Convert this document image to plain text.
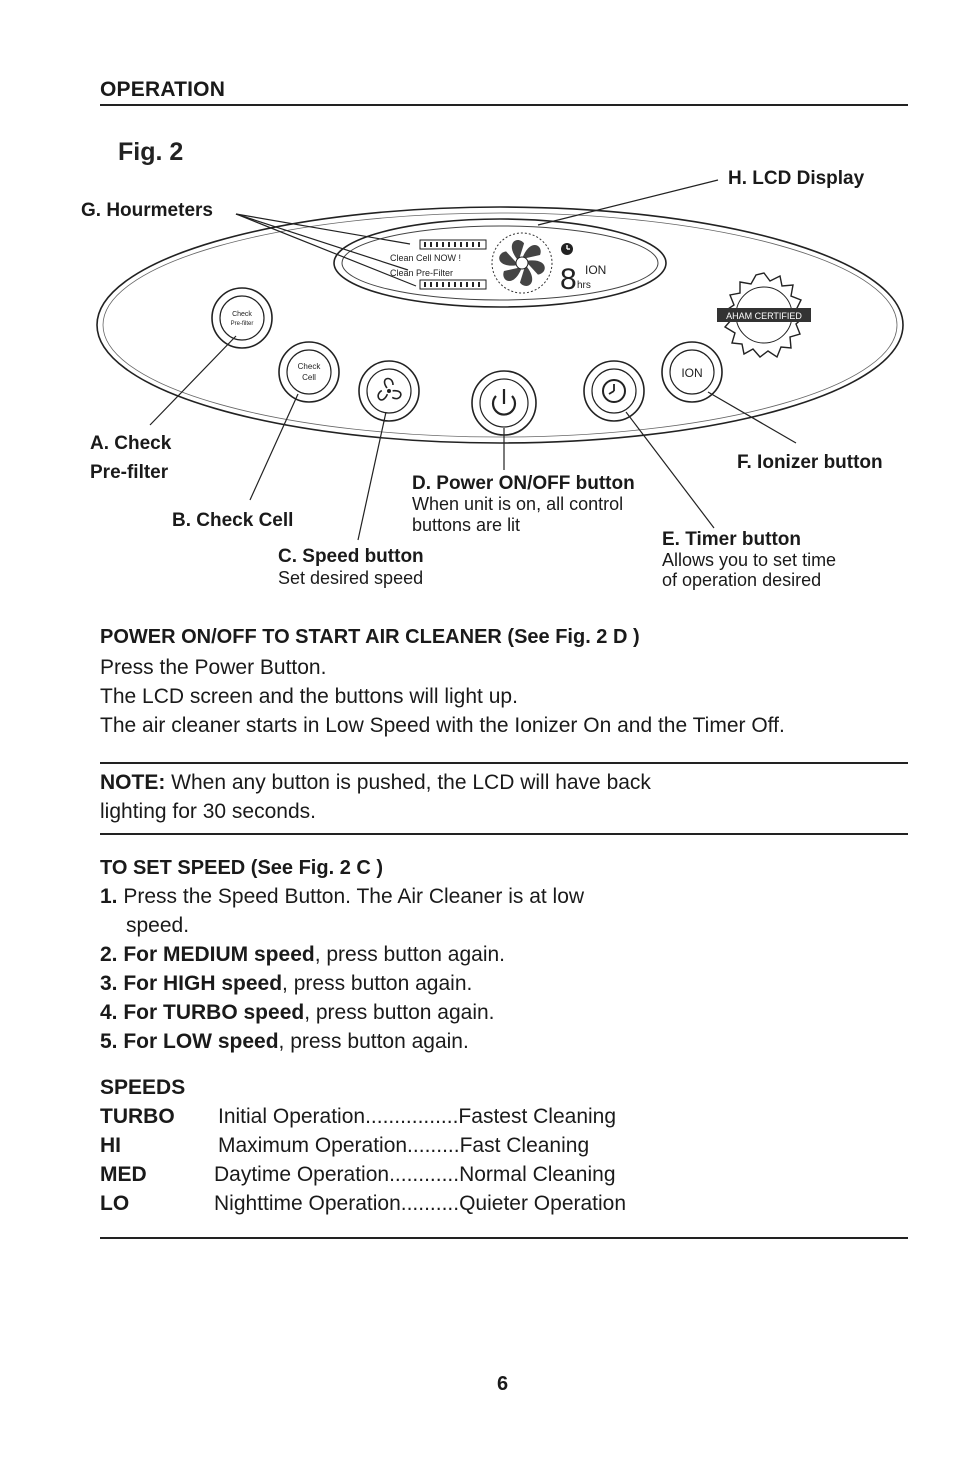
OPERATION
Fig. 2
Clean Cell NOW !
Clean Pre-Filter	8 ION
hrs
Check
Pre-filter
Check
Cell	ION
AHAM CERTIFIED
G. Hourmeters
H. LCD Display
A. Check
Pre-filter
B. Check Cell
C. Speed button
Set desired speed
D. Power ON/OFF button
When unit is on, all control
buttons are lit
E. Timer button
Allows you to set time
of operation desired
F. Ionizer button
POWER ON/OFF TO START AIR CLEANER (See Fig. 2 D )
Press the Power Button.
The LCD screen and the buttons will light up.
The air cleaner starts in Low Speed with the Ionizer On and the Timer Off.
NOTE: When any button is pushed, the LCD will have back
lighting for 30 seconds.
TO SET SPEED (See Fig. 2 C )
1. Press the Speed Button. The Air Cleaner is at low
speed.
2. For MEDIUM speed, press button again.
3. For HIGH speed, press button again.
4. For TURBO speed, press button again.
5. For LOW speed, press button again.
SPEEDS
TURBO Initial Operation................Fastest Cleaning
HI	Maximum Operation.........Fast Cleaning
MED	Daytime Operation............Normal Cleaning
LO	Nighttime Operation..........Quieter Operation
6
